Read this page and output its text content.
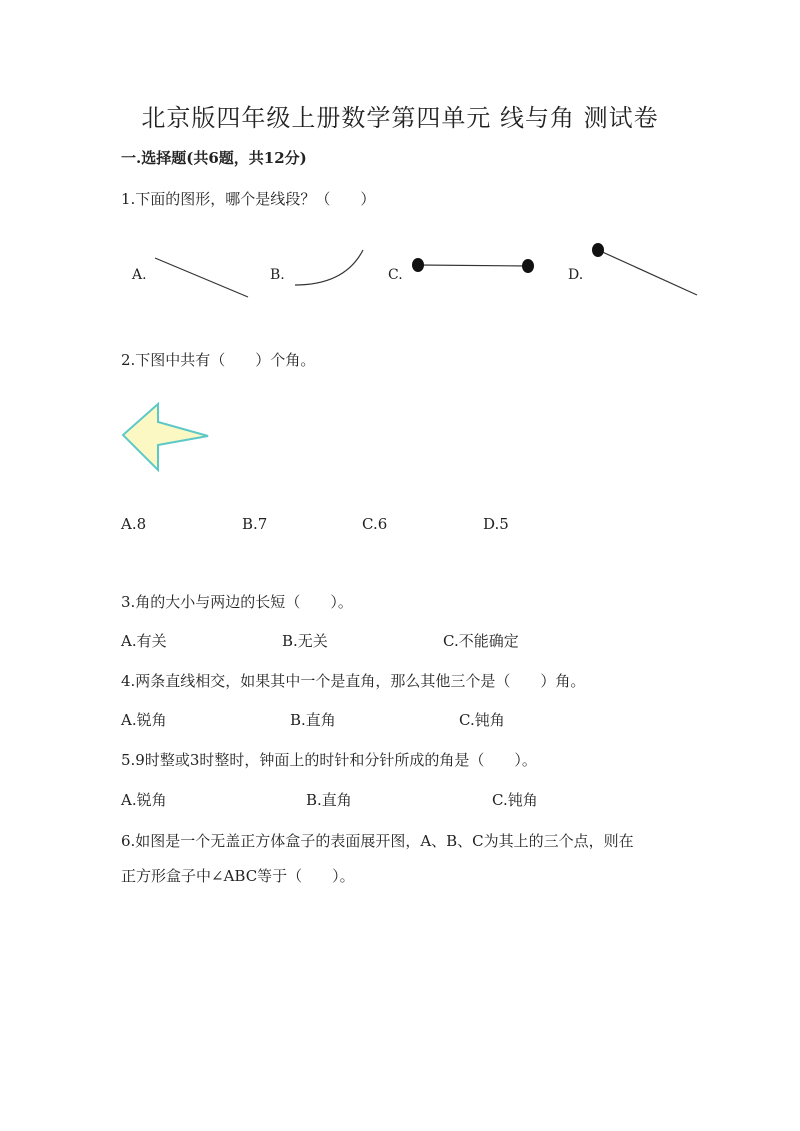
北京版四年级上册数学第四单元 线与角 测试卷
一.选择题(共6题，共12分)
1.下面的图形，哪个是线段？（　　）
A.	B.	C.	D.
2.下图中共有（　　）个角。
A.8	B.7	C.6	D.5
3.角的大小与两边的长短（　　）。
A.有关	B.无关	C.不能确定
4.两条直线相交，如果其中一个是直角，那么其他三个是（　　）角。
A.锐角	B.直角	C.钝角
5.9时整或3时整时，钟面上的时针和分针所成的角是（　　）。
A.锐角	B.直角	C.钝角
6.如图是一个无盖正方体盒子的表面展开图，A、B、C为其上的三个点，则在
正方形盒子中∠ABC等于（　　）。
